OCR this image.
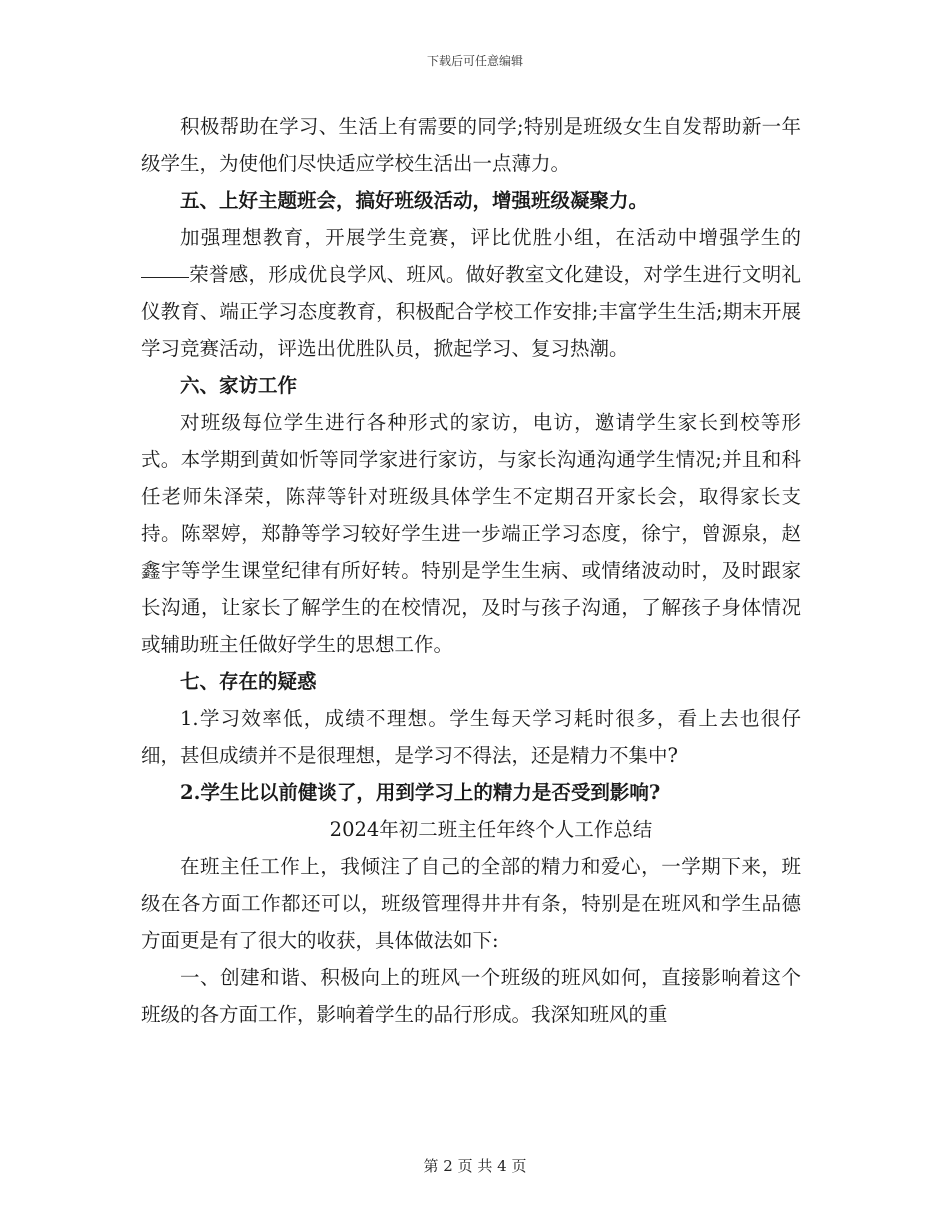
下载后可任意编辑

积极帮助在学习、生活上有需要的同学;特别是班级女生自发帮助新一年级学生，为使他们尽快适应学校生活出一点薄力。

五、上好主题班会，搞好班级活动，增强班级凝聚力。

加强理想教育，开展学生竞赛，评比优胜小组，在活动中增强学生的荣誉感，形成优良学风、班风。做好教室文化建设，对学生进行文明礼仪教育、端正学习态度教育，积极配合学校工作安排;丰富学生生活;期末开展学习竞赛活动，评选出优胜队员，掀起学习、复习热潮。

六、家访工作

对班级每位学生进行各种形式的家访，电访，邀请学生家长到校等形式。本学期到黄如忻等同学家进行家访，与家长沟通沟通学生情况;并且和科任老师朱泽荣，陈萍等针对班级具体学生不定期召开家长会，取得家长支持。陈翠婷，郑静等学习较好学生进一步端正学习态度，徐宁，曾源泉，赵鑫宇等学生课堂纪律有所好转。特别是学生生病、或情绪波动时，及时跟家长沟通，让家长了解学生的在校情况，及时与孩子沟通，了解孩子身体情况或辅助班主任做好学生的思想工作。

七、存在的疑惑

1.学习效率低，成绩不理想。学生每天学习耗时很多，看上去也很仔细，甚但成绩并不是很理想，是学习不得法，还是精力不集中?

2.学生比以前健谈了，用到学习上的精力是否受到影响?

2024年初二班主任年终个人工作总结

在班主任工作上，我倾注了自己的全部的精力和爱心，一学期下来，班级在各方面工作都还可以，班级管理得井井有条，特别是在班风和学生品德方面更是有了很大的收获，具体做法如下:

一、创建和谐、积极向上的班风一个班级的班风如何，直接影响着这个班级的各方面工作，影响着学生的品行形成。我深知班风的重

第 2 页 共 4 页
